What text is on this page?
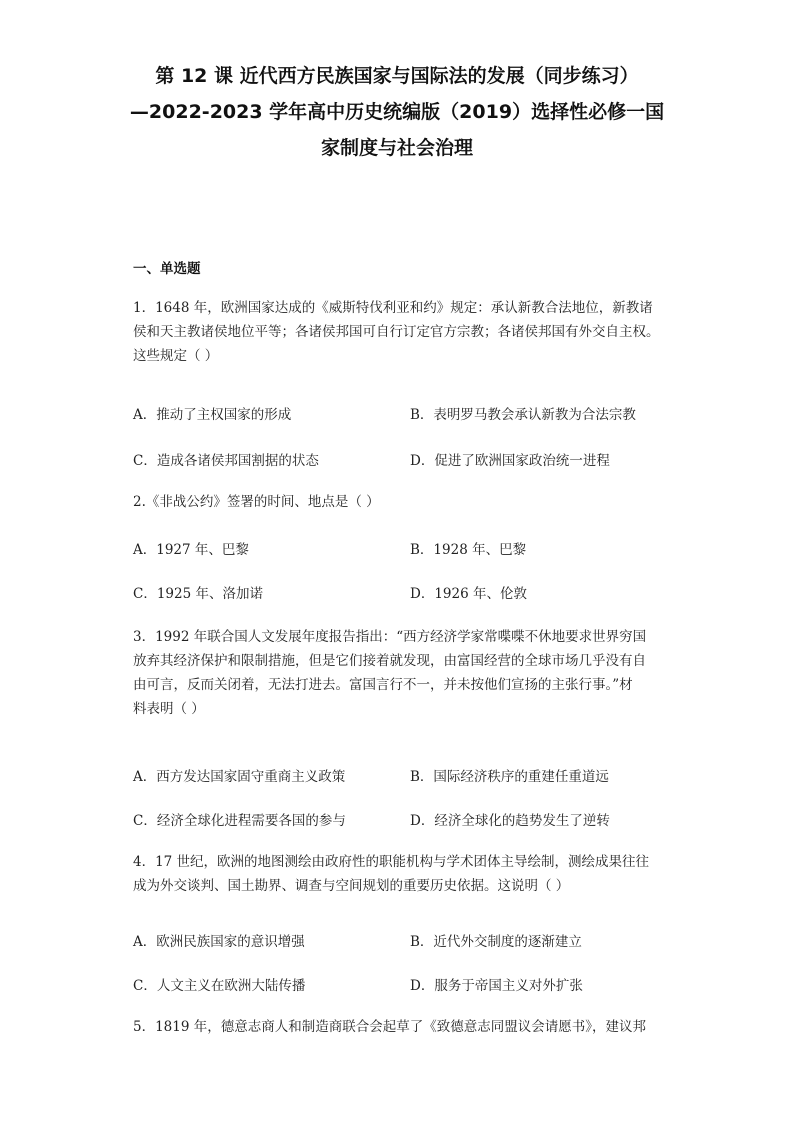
第 12 课 近代西方民族国家与国际法的发展（同步练习）
—2022-2023 学年高中历史统编版（2019）选择性必修一国
家制度与社会治理
一、单选题
1．1648 年，欧洲国家达成的《威斯特伐利亚和约》规定：承认新教合法地位，新教诸
侯和天主教诸侯地位平等；各诸侯邦国可自行订定官方宗教；各诸侯邦国有外交自主权。
这些规定（ ）
A．推动了主权国家的形成	B．表明罗马教会承认新教为合法宗教
C．造成各诸侯邦国割据的状态	D．促进了欧洲国家政治统一进程
2.《非战公约》签署的时间、地点是（ ）
A．1927 年、巴黎	B．1928 年、巴黎
C．1925 年、洛加诺	D．1926 年、伦敦
3．1992 年联合国人文发展年度报告指出：“西方经济学家常喋喋不休地要求世界穷国
放弃其经济保护和限制措施，但是它们接着就发现，由富国经营的全球市场几乎没有自
由可言，反而关闭着，无法打进去。富国言行不一，并未按他们宣扬的主张行事。”材
料表明（ ）
A．西方发达国家固守重商主义政策	B．国际经济秩序的重建任重道远
C．经济全球化进程需要各国的参与	D．经济全球化的趋势发生了逆转
4．17 世纪，欧洲的地图测绘由政府性的职能机构与学术团体主导绘制，测绘成果往往
成为外交谈判、国土勘界、调查与空间规划的重要历史依据。这说明（ ）
A．欧洲民族国家的意识增强	B．近代外交制度的逐渐建立
C．人文主义在欧洲大陆传播	D．服务于帝国主义对外扩张
5．1819 年，德意志商人和制造商联合会起草了《致德意志同盟议会请愿书》，建议邦
